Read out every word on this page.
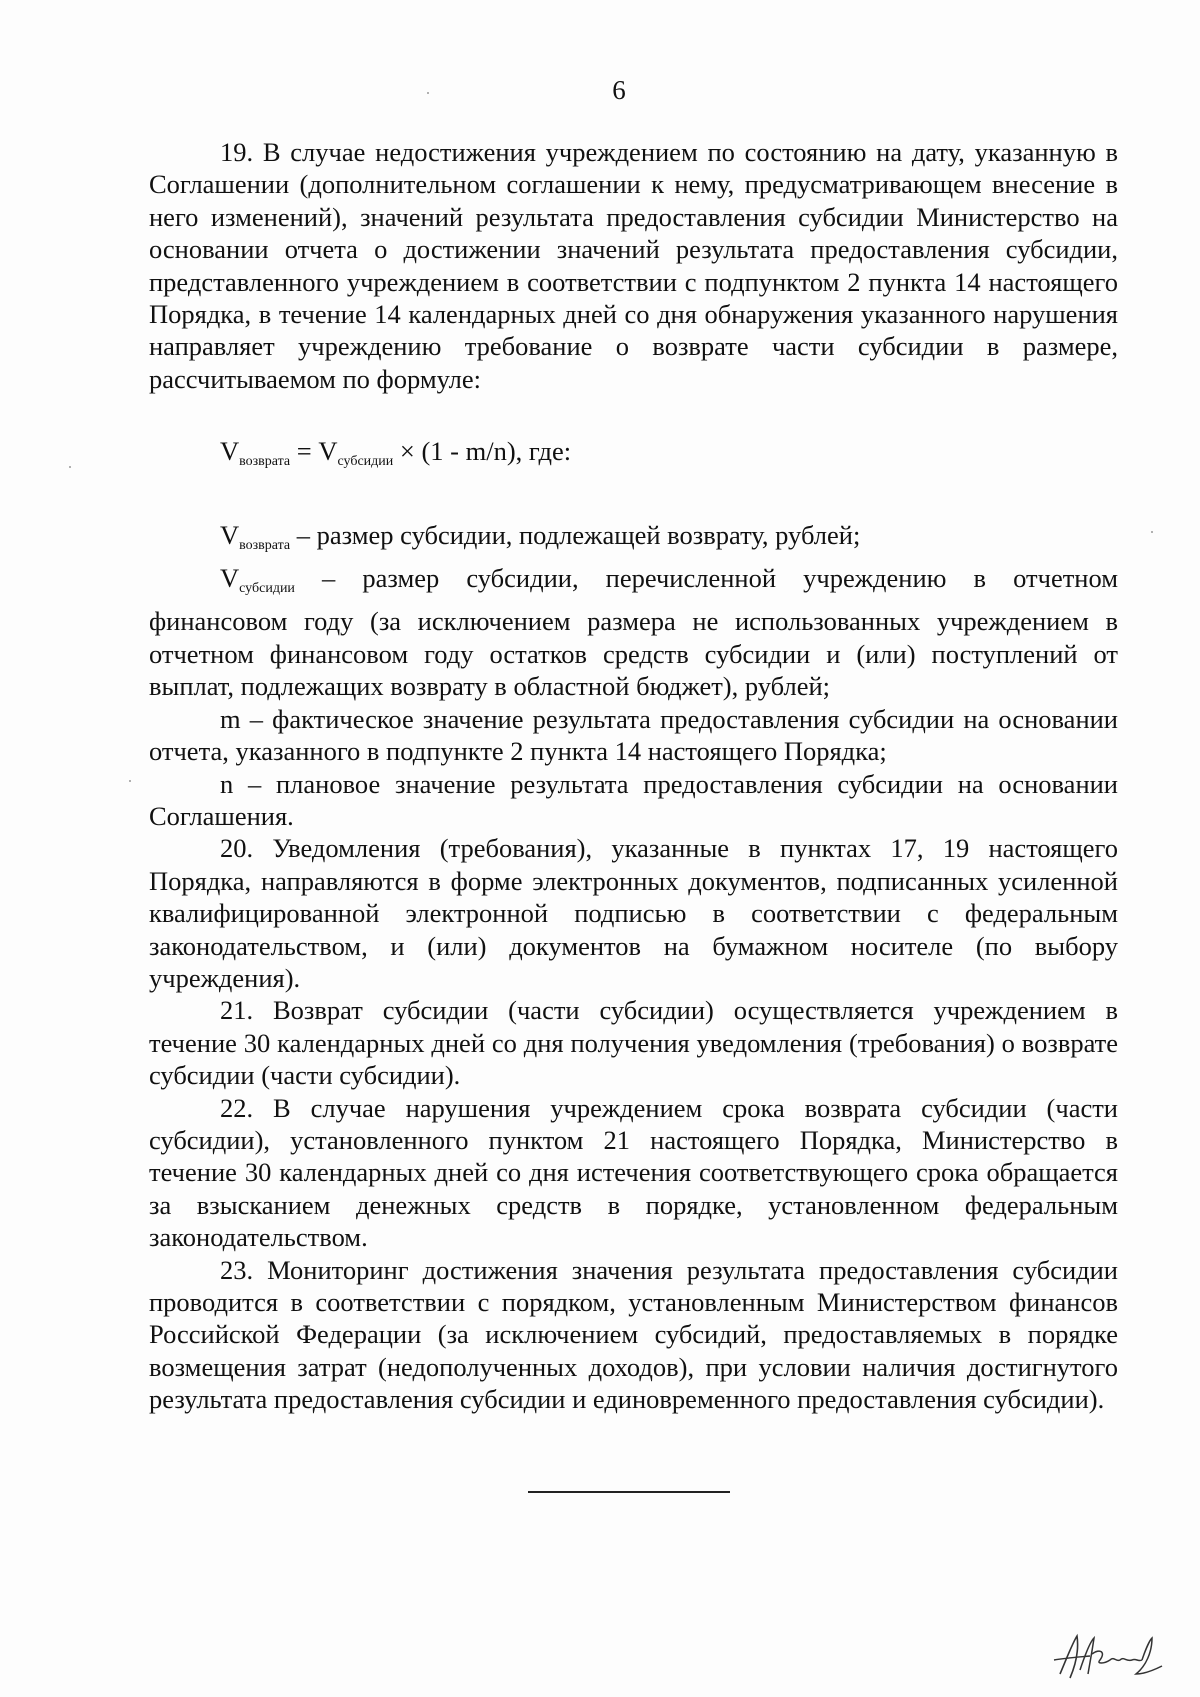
6

19. В случае недостижения учреждением по состоянию на дату, указанную в Соглашении (дополнительном соглашении к нему, предусматривающем внесение в него изменений), значений результата предоставления субсидии Министерство на основании отчета о достижении значений результата предоставления субсидии, представленного учреждением в соответствии с подпунктом 2 пункта 14 настоящего Порядка, в течение 14 календарных дней со дня обнаружения указанного нарушения направляет учреждению требование о возврате части субсидии в размере, рассчитываемом по формуле:

$V_{возврата} = V_{субсидии} \times (1 - m/n)$, где:

$V_{возврата}$ – размер субсидии, подлежащей возврату, рублей;

$V_{субсидии}$ – размер субсидии, перечисленной учреждению в отчетном финансовом году (за исключением размера не использованных учреждением в отчетном финансовом году остатков средств субсидии и (или) поступлений от выплат, подлежащих возврату в областной бюджет), рублей;

m – фактическое значение результата предоставления субсидии на основании отчета, указанного в подпункте 2 пункта 14 настоящего Порядка;

n – плановое значение результата предоставления субсидии на основании Соглашения.

20. Уведомления (требования), указанные в пунктах 17, 19 настоящего Порядка, направляются в форме электронных документов, подписанных усиленной квалифицированной электронной подписью в соответствии с федеральным законодательством, и (или) документов на бумажном носителе (по выбору учреждения).

21. Возврат субсидии (части субсидии) осуществляется учреждением в течение 30 календарных дней со дня получения уведомления (требования) о возврате субсидии (части субсидии).

22. В случае нарушения учреждением срока возврата субсидии (части субсидии), установленного пунктом 21 настоящего Порядка, Министерство в течение 30 календарных дней со дня истечения соответствующего срока обращается за взысканием денежных средств в порядке, установленном федеральным законодательством.

23. Мониторинг достижения значения результата предоставления субсидии проводится в соответствии с порядком, установленным Министерством финансов Российской Федерации (за исключением субсидий, предоставляемых в порядке возмещения затрат (недополученных доходов), при условии наличия достигнутого результата предоставления субсидии и единовременного предоставления субсидии).
